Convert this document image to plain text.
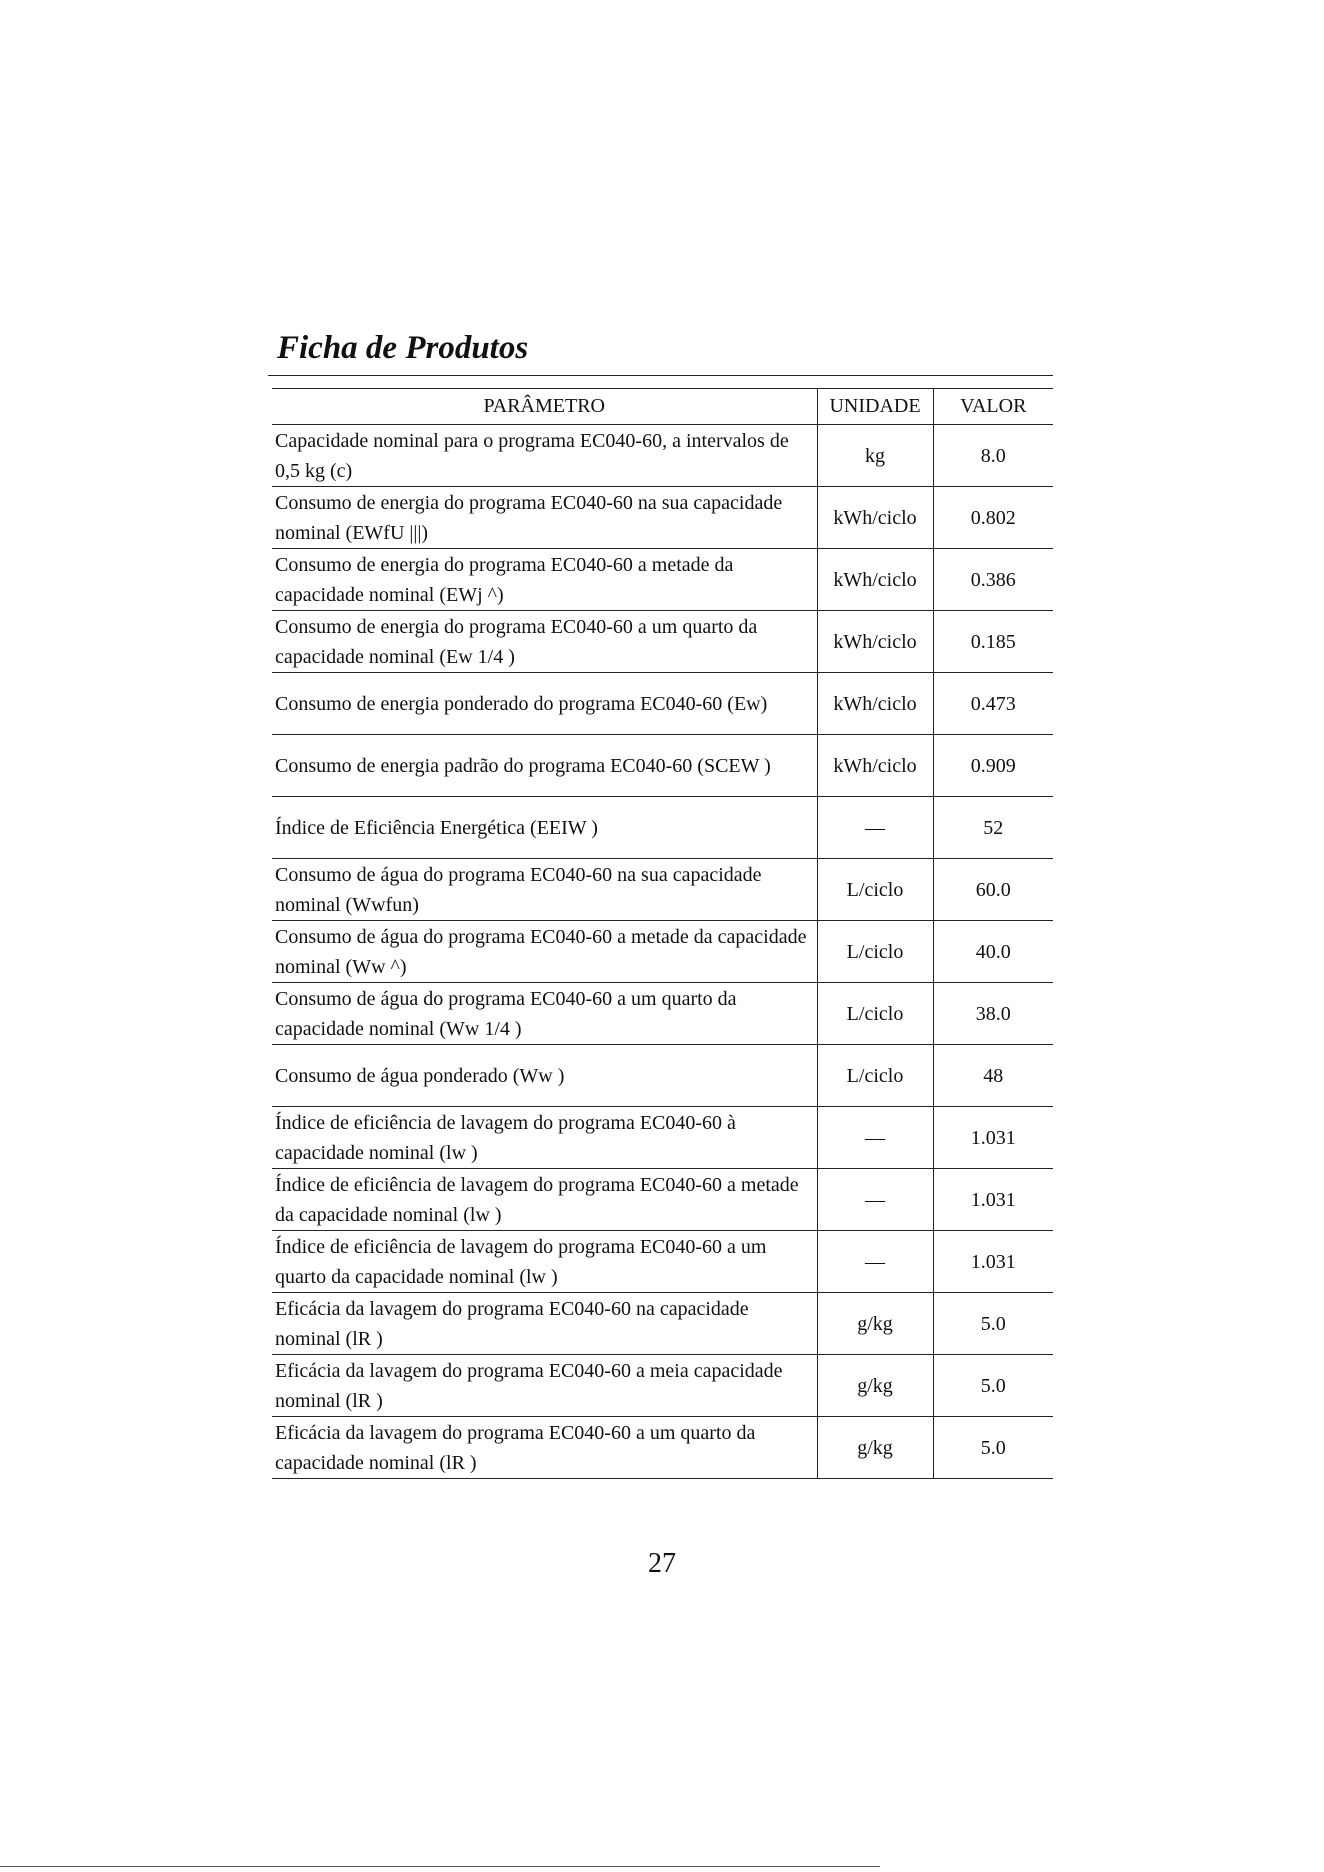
Ficha de Produtos
PARÂMETRO	UNIDADE	VALOR
Capacidade nominal para o programa EC040-60, a intervalos de 0,5 kg (c)	kg	8.0
Consumo de energia do programa EC040-60 na sua capacidade nominal (EWfU |||)	kWh/ciclo	0.802
Consumo de energia do programa EC040-60 a metade da capacidade nominal (EWj ^)	kWh/ciclo	0.386
Consumo de energia do programa EC040-60 a um quarto da capacidade nominal (Ew 1/4 )	kWh/ciclo	0.185
Consumo de energia ponderado do programa EC040-60 (Ew)	kWh/ciclo	0.473
Consumo de energia padrão do programa EC040-60 (SCEW )	kWh/ciclo	0.909
Índice de Eficiência Energética (EEIW )	—	52
Consumo de água do programa EC040-60 na sua capacidade nominal (Wwfun)	L/ciclo	60.0
Consumo de água do programa EC040-60 a metade da capacidade nominal (Ww ^)	L/ciclo	40.0
Consumo de água do programa EC040-60 a um quarto da capacidade nominal (Ww 1/4 )	L/ciclo	38.0
Consumo de água ponderado (Ww )	L/ciclo	48
Índice de eficiência de lavagem do programa EC040-60 à capacidade nominal (lw )	—	1.031
Índice de eficiência de lavagem do programa EC040-60 a metade da capacidade nominal (lw )	—	1.031
Índice de eficiência de lavagem do programa EC040-60 a um quarto da capacidade nominal (lw )	—	1.031
Eficácia da lavagem do programa EC040-60 na capacidade nominal (lR )	g/kg	5.0
Eficácia da lavagem do programa EC040-60 a meia capacidade nominal (lR )	g/kg	5.0
Eficácia da lavagem do programa EC040-60 a um quarto da capacidade nominal (lR )	g/kg	5.0
27
